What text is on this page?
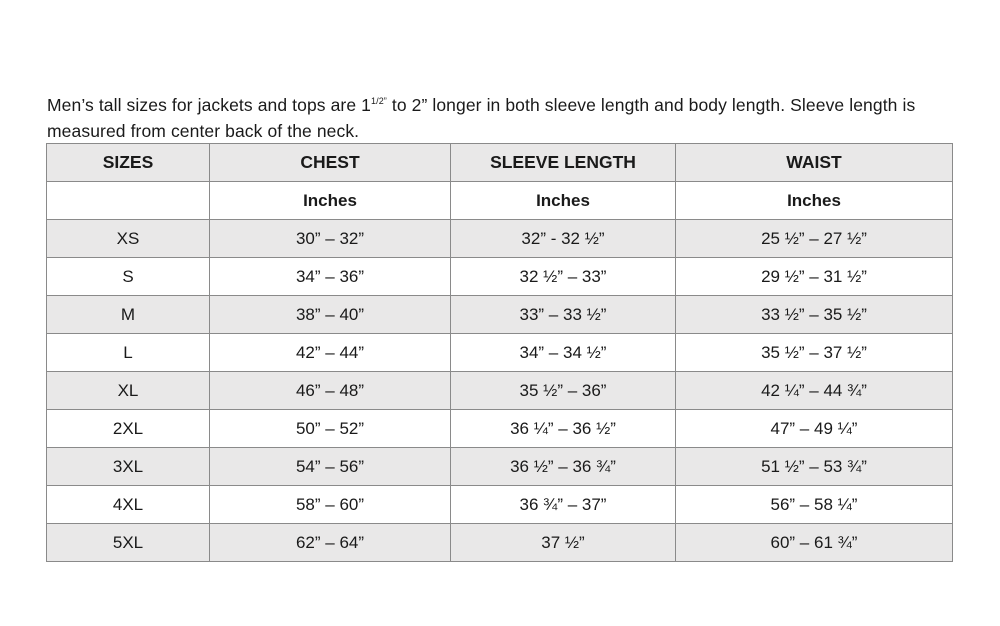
Men’s tall sizes for jackets and tops are $1^{1/2”}$ to 2” longer in both sleeve length and body length. Sleeve length is measured from center back of the neck.

SIZES	CHEST	SLEEVE LENGTH	WAIST
	Inches	Inches	Inches
XS	30” – 32”	32” - 32 ½”	25 ½” – 27 ½”
S	34” – 36”	32 ½” – 33”	29 ½” – 31 ½”
M	38” – 40”	33” – 33 ½”	33 ½” – 35 ½”
L	42” – 44”	34” – 34 ½”	35 ½” – 37 ½”
XL	46” – 48”	35 ½” – 36”	42 ¼” – 44 ¾”
2XL	50” – 52”	36 ¼” – 36 ½”	47” – 49 ¼”
3XL	54” – 56”	36 ½” – 36 ¾”	51 ½” – 53 ¾”
4XL	58” – 60”	36 ¾” – 37”	56” – 58 ¼”
5XL	62” – 64”	37 ½”	60” – 61 ¾”
